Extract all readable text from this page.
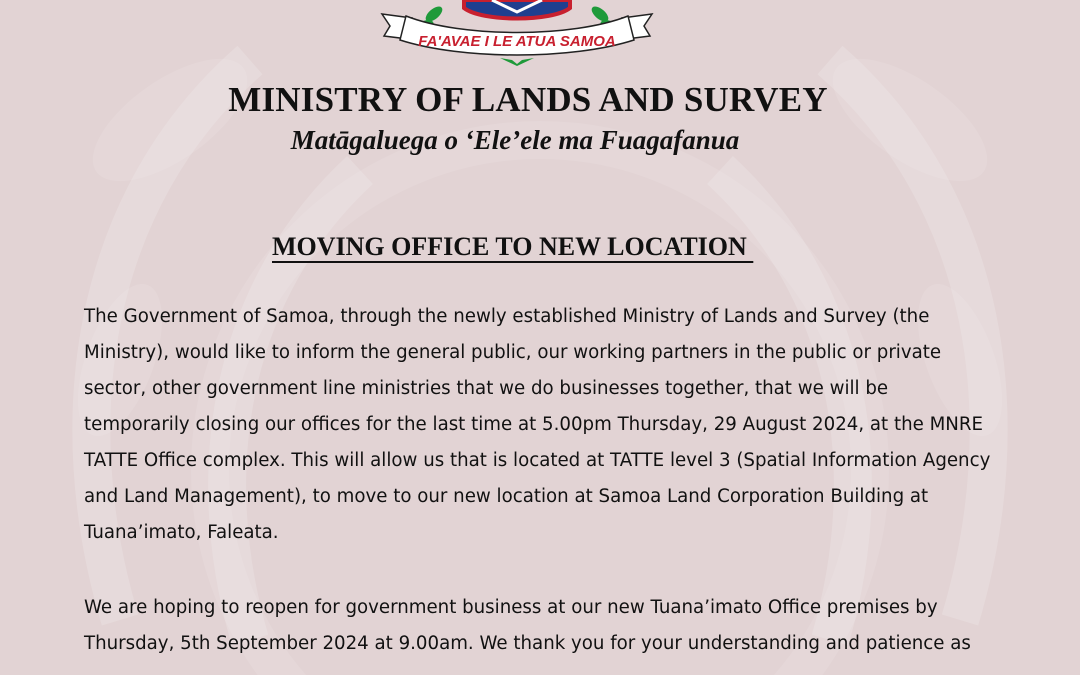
FA'AVAE I LE ATUA SAMOA
MINISTRY OF LANDS AND SURVEY
Matāgaluega o ‘Ele’ele ma Fuagafanua
MOVING OFFICE TO NEW LOCATION
The Government of Samoa, through the newly established Ministry of Lands and Survey (the
Ministry), would like to inform the general public, our working partners in the public or private
sector, other government line ministries that we do businesses together, that we will be
temporarily closing our offices for the last time at 5.00pm Thursday, 29 August 2024, at the MNRE
TATTE Office complex. This will allow us that is located at TATTE level 3 (Spatial Information Agency
and Land Management), to move to our new location at Samoa Land Corporation Building at
Tuana’imato, Faleata.
We are hoping to reopen for government business at our new Tuana’imato Office premises by
Thursday, 5th September 2024 at 9.00am. We thank you for your understanding and patience as
